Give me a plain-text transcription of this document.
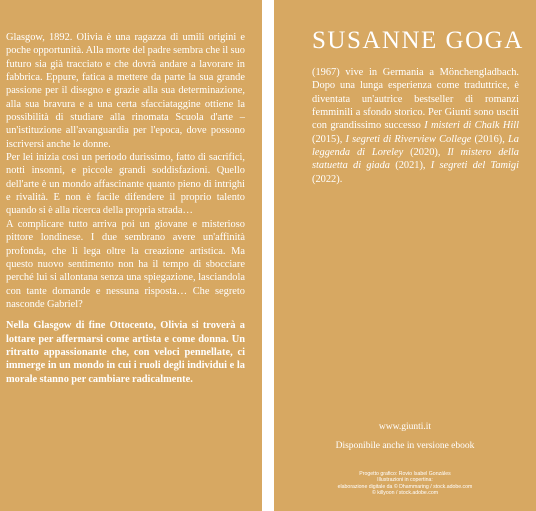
Glasgow, 1892. Olivia è una ragazza di umili origini e poche opportunità. Alla morte del padre sembra che il suo futuro sia già tracciato e che dovrà andare a lavorare in fabbrica. Eppure, fatica a mettere da parte la sua grande passione per il disegno e grazie alla sua determinazione, alla sua bravura e a una certa sfacciataggine ottiene la possibilità di studiare alla rinomata Scuola d'arte – un'istituzione all'avanguardia per l'epoca, dove possono iscriversi anche le donne.

Per lei inizia così un periodo durissimo, fatto di sacrifici, notti insonni, e piccole grandi soddisfazioni. Quello dell'arte è un mondo affascinante quanto pieno di intrighi e rivalità. E non è facile difendere il proprio talento quando si è alla ricerca della propria strada…

A complicare tutto arriva poi un giovane e misterioso pittore londinese. I due sembrano avere un'affinità profonda, che li lega oltre la creazione artistica. Ma questo nuovo sentimento non ha il tempo di sbocciare perché lui si allontana senza una spiegazione, lasciandola con tante domande e nessuna risposta… Che segreto nasconde Gabriel?

Nella Glasgow di fine Ottocento, Olivia si troverà a lottare per affermarsi come artista e come donna. Un ritratto appassionante che, con veloci pennellate, ci immerge in un mondo in cui i ruoli degli individui e la morale stanno per cambiare radicalmente.

SUSANNE GOGA

(1967) vive in Germania a Mönchengladbach. Dopo una lunga esperienza come traduttrice, è diventata un'autrice bestseller di romanzi femminili a sfondo storico. Per Giunti sono usciti con grandissimo successo I misteri di Chalk Hill (2015), I segreti di Riverview College (2016), La leggenda di Loreley (2020), Il mistero della statuetta di giada (2021), I segreti del Tamigi (2022).

www.giunti.it
Disponibile anche in versione ebook
Progetto grafico: Rovio Isabel Gonzáles
Illustrazioni in copertina:
elaborazione digitale da © Dhammaring / stock.adobe.com
© killyoon / stock.adobe.com
